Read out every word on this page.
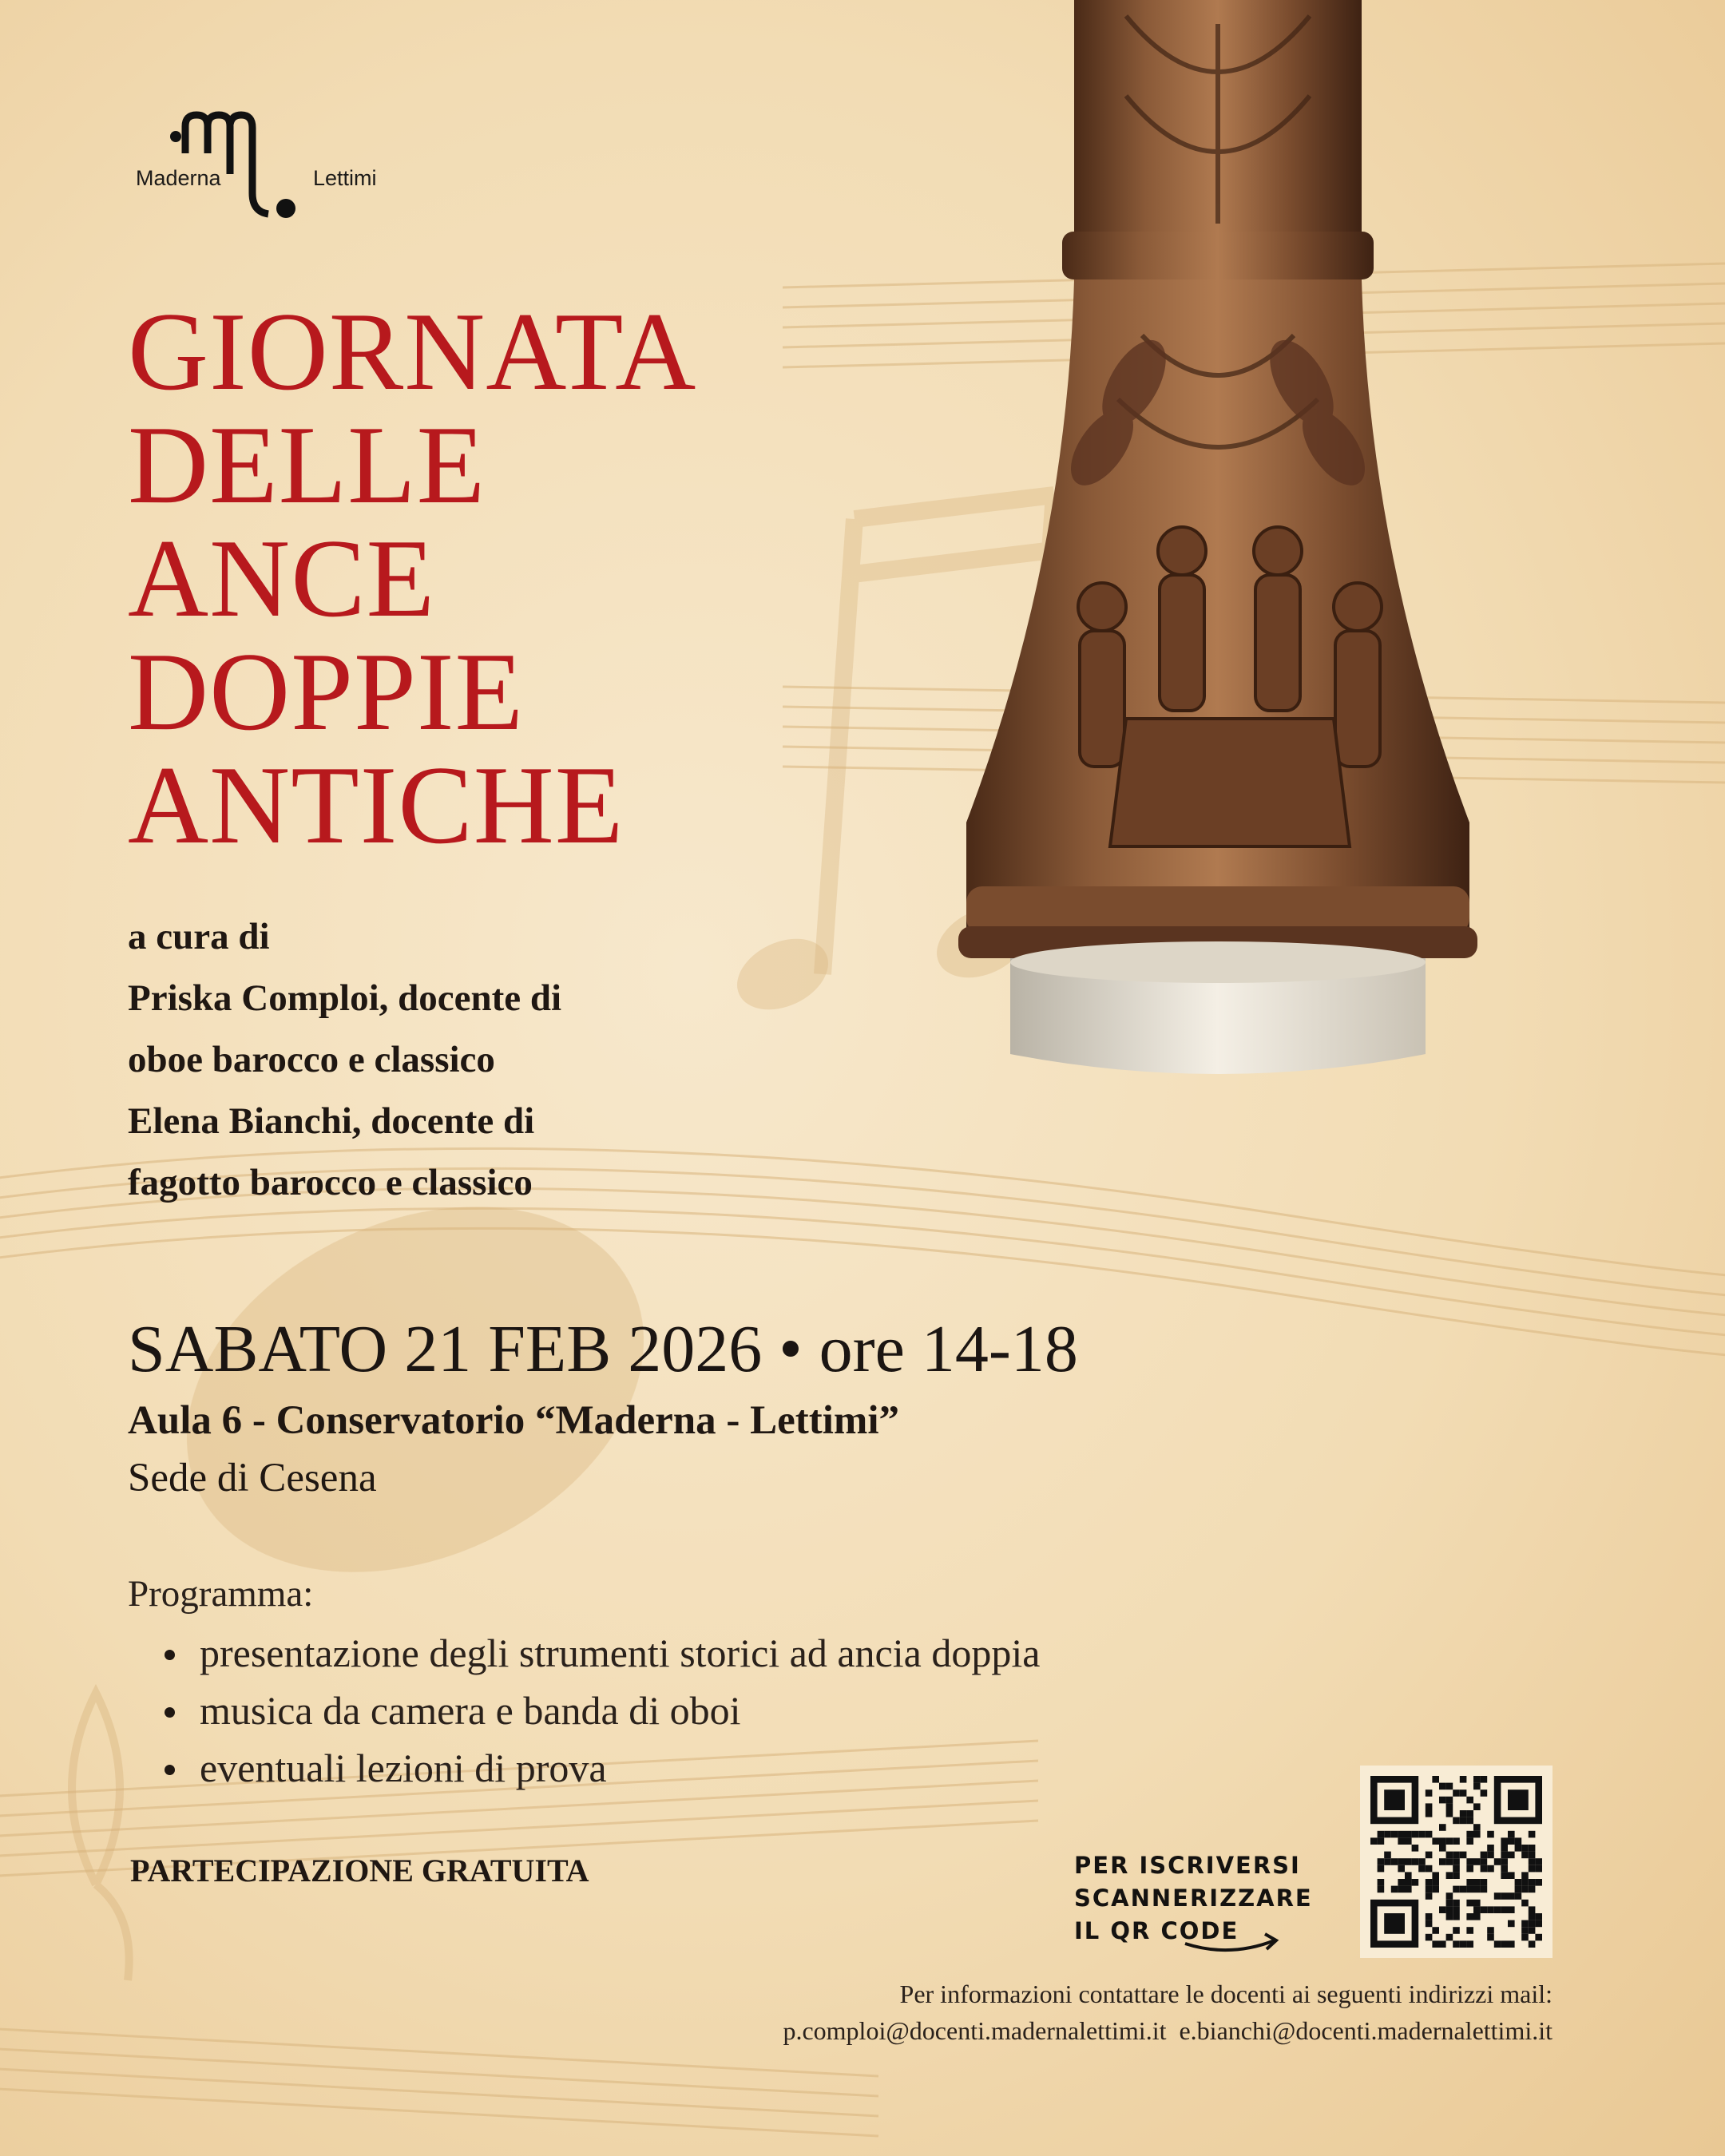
Maderna	Lettimi
GIORNATA
DELLE
ANCE
DOPPIE
ANTICHE
a cura di
Priska Comploi, docente di
oboe barocco e classico
Elena Bianchi, docente di
fagotto barocco e classico
SABATO 21 FEB 2026 • ore 14-18
Aula 6 - Conservatorio “Maderna - Lettimi”
Sede di Cesena
Programma:
presentazione degli strumenti storici ad ancia doppia
musica da camera e banda di oboi
eventuali lezioni di prova
PARTECIPAZIONE GRATUITA	PER ISCRIVERSI
SCANNERIZZARE
IL QR CODE
Per informazioni contattare le docenti ai seguenti indirizzi mail:
p.comploi@docenti.madernalettimi.it e.bianchi@docenti.madernalettimi.it
